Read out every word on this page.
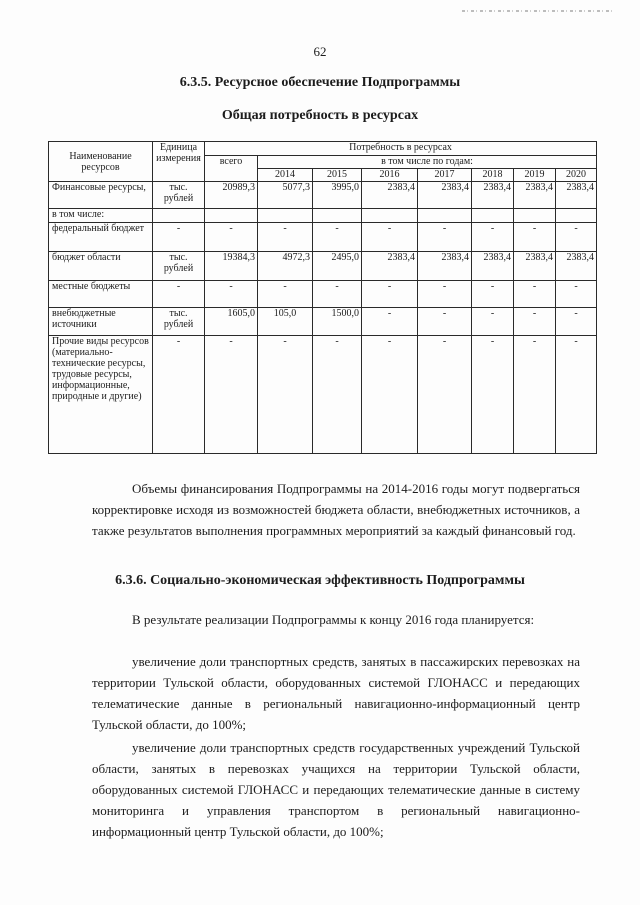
62
6.3.5. Ресурсное обеспечение Подпрограммы
Общая потребность в ресурсах
Наименование ресурсов	Единица измерения	Потребность в ресурсах							
		всего	в том числе по годам:						
			2014	2015	2016	2017	2018	2019	2020
Финансовые ресурсы,	тыс. рублей	20989,3	5077,3	3995,0	2383,4	2383,4	2383,4	2383,4	2383,4
в том числе:									
федеральный бюджет	-	-	-	-	-	-	-	-	-
бюджет области	тыс. рублей	19384,3	4972,3	2495,0	2383,4	2383,4	2383,4	2383,4	2383,4
местные бюджеты	-	-	-	-	-	-	-	-	-
внебюджетные источники	тыс. рублей	1605,0	105,0	1500,0	-	-	-	-	-
Прочие виды ресурсов (материально-технические ресурсы, трудовые ресурсы, информационные, природные и другие)	-	-	-	-	-	-	-	-	-
Объемы финансирования Подпрограммы на 2014-2016 годы могут подвергаться корректировке исходя из возможностей бюджета области, внебюджетных источников, а также результатов выполнения программных мероприятий за каждый финансовый год.
6.3.6. Социально-экономическая эффективность Подпрограммы
В результате реализации Подпрограммы к концу 2016 года планируется:
увеличение доли транспортных средств, занятых в пассажирских перевозках на территории Тульской области, оборудованных системой ГЛОНАСС и передающих телематические данные в региональный навигационно-информационный центр Тульской области, до 100%;
увеличение доли транспортных средств государственных учреждений Тульской области, занятых в перевозках учащихся на территории Тульской области, оборудованных системой ГЛОНАСС и передающих телематические данные в систему мониторинга и управления транспортом в региональный навигационно-информационный центр Тульской области, до 100%;
